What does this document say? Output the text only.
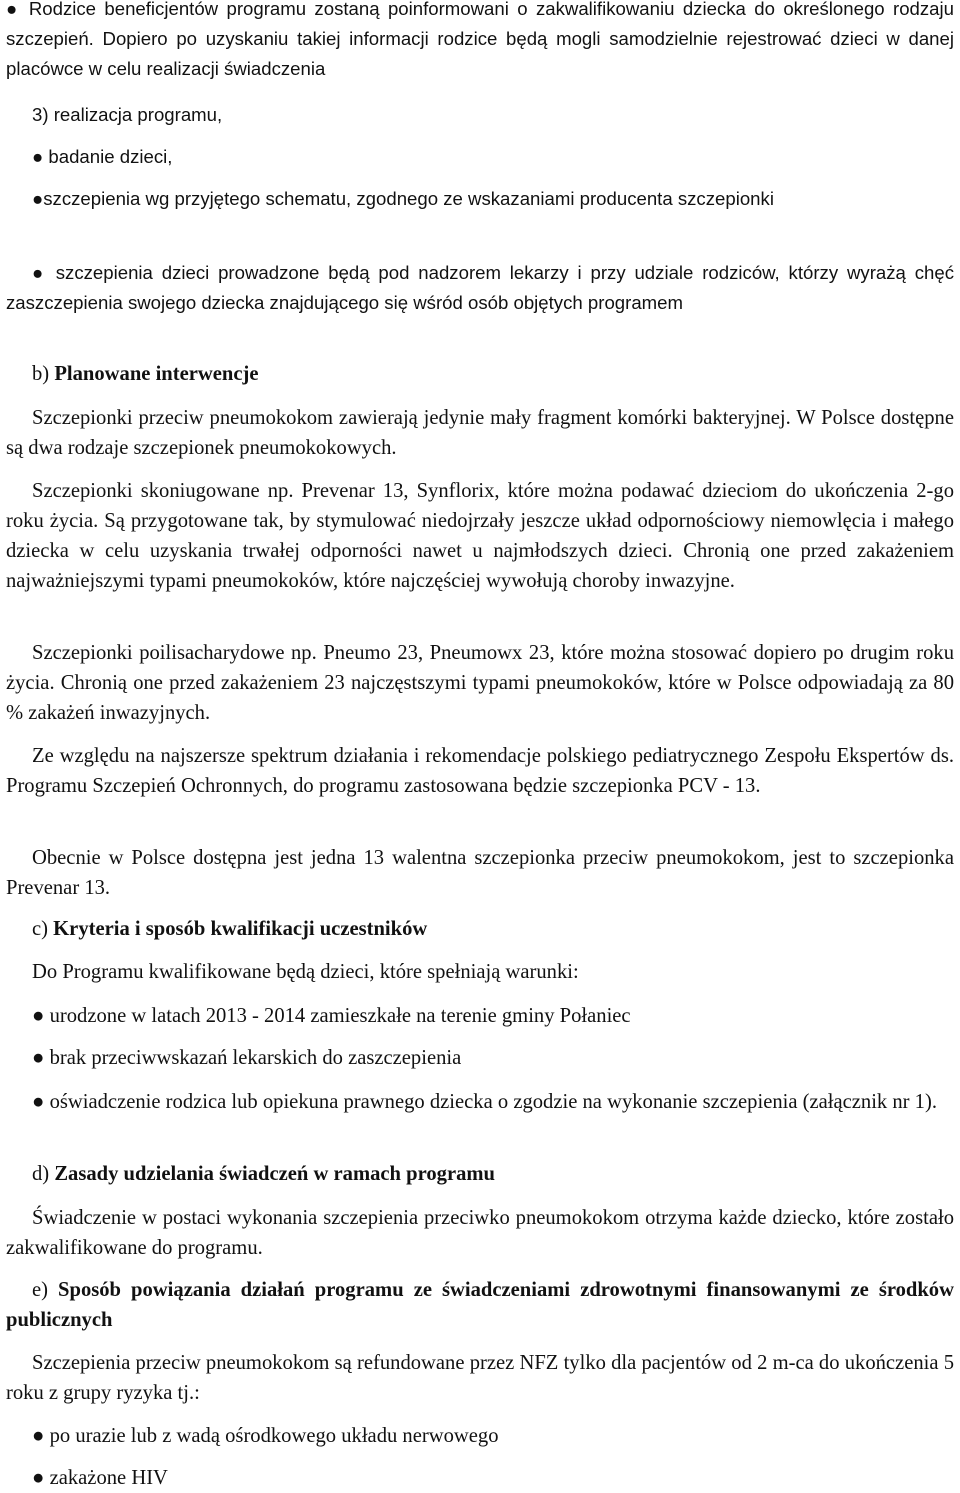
● Rodzice beneficjentów programu zostaną poinformowani o zakwalifikowaniu dziecka do określonego rodzaju szczepień. Dopiero po uzyskaniu takiej informacji rodzice będą mogli samodzielnie rejestrować dzieci w danej placówce w celu realizacji świadczenia

3) realizacja programu,

● badanie dzieci,

●szczepienia wg przyjętego schematu, zgodnego ze wskazaniami producenta szczepionki

● szczepienia dzieci prowadzone będą pod nadzorem lekarzy i przy udziale rodziców, którzy wyrażą chęć zaszczepienia swojego dziecka znajdującego się wśród osób objętych programem

b) Planowane interwencje

Szczepionki przeciw pneumokokom zawierają jedynie mały fragment komórki bakteryjnej. W Polsce dostępne są dwa rodzaje szczepionek pneumokokowych.

Szczepionki skoniugowane np. Prevenar 13, Synflorix, które można podawać dzieciom do ukończenia 2-go roku życia. Są przygotowane tak, by stymulować niedojrzały jeszcze układ odpornościowy niemowlęcia i małego dziecka w celu uzyskania trwałej odporności nawet u najmłodszych dzieci. Chronią one przed zakażeniem najważniejszymi typami pneumokoków, które najczęściej wywołują choroby inwazyjne.

Szczepionki poilisacharydowe np. Pneumo 23, Pneumowx 23, które można stosować dopiero po drugim roku życia. Chronią one przed zakażeniem 23 najczęstszymi typami pneumokoków, które w Polsce odpowiadają za 80 % zakażeń inwazyjnych.

Ze względu na najszersze spektrum działania i rekomendacje polskiego pediatrycznego Zespołu Ekspertów ds. Programu Szczepień Ochronnych, do programu zastosowana będzie szczepionka PCV - 13.

Obecnie w Polsce dostępna jest jedna 13 walentna szczepionka przeciw pneumokokom, jest to szczepionka Prevenar 13.

c) Kryteria i sposób kwalifikacji uczestników

Do Programu kwalifikowane będą dzieci, które spełniają warunki:

● urodzone w latach 2013 - 2014 zamieszkałe na terenie gminy Połaniec

● brak przeciwwskazań lekarskich do zaszczepienia

● oświadczenie rodzica lub opiekuna prawnego dziecka o zgodzie na wykonanie szczepienia (załącznik nr 1).

d) Zasady udzielania świadczeń w ramach programu

Świadczenie w postaci wykonania szczepienia przeciwko pneumokokom otrzyma każde dziecko, które zostało zakwalifikowane do programu.

e) Sposób powiązania działań programu ze świadczeniami zdrowotnymi finansowanymi ze środków publicznych

Szczepienia przeciw pneumokokom są refundowane przez NFZ tylko dla pacjentów od 2 m-ca do ukończenia 5 roku z grupy ryzyka tj.:

● po urazie lub z wadą ośrodkowego układu nerwowego

● zakażone HIV
